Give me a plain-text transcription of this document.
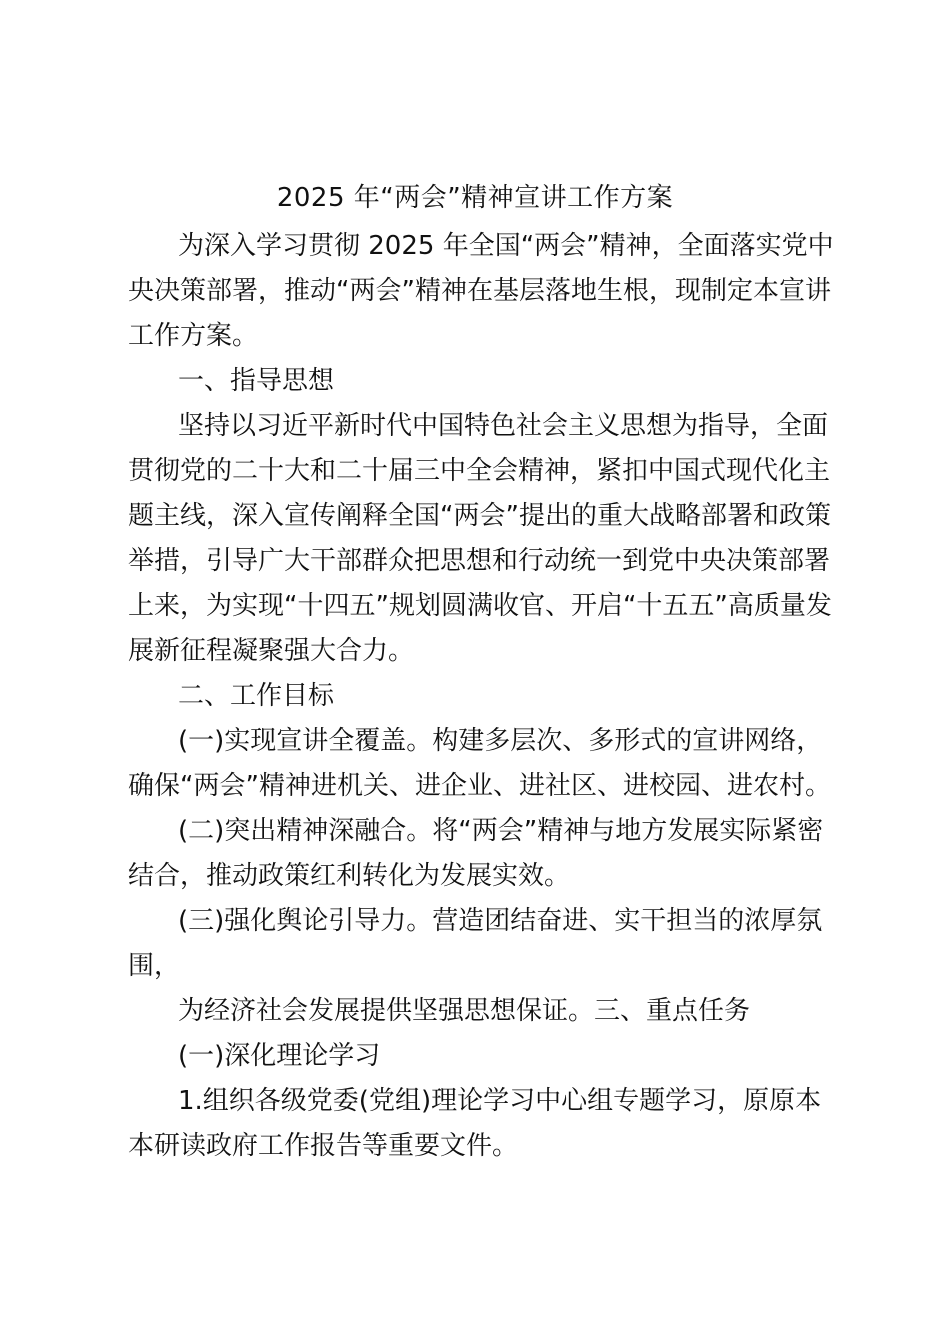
2025 年“两会”精神宣讲工作方案
为深入学习贯彻 2025 年全国“两会”精神，全面落实党中
央决策部署，推动“两会”精神在基层落地生根，现制定本宣讲
工作方案。
一、指导思想
坚持以习近平新时代中国特色社会主义思想为指导，全面
贯彻党的二十大和二十届三中全会精神，紧扣中国式现代化主
题主线，深入宣传阐释全国“两会”提出的重大战略部署和政策
举措，引导广大干部群众把思想和行动统一到党中央决策部署
上来，为实现“十四五”规划圆满收官、开启“十五五”高质量发
展新征程凝聚强大合力。
二、工作目标
(一)实现宣讲全覆盖。构建多层次、多形式的宣讲网络，
确保“两会”精神进机关、进企业、进社区、进校园、进农村。
(二)突出精神深融合。将“两会”精神与地方发展实际紧密
结合，推动政策红利转化为发展实效。
(三)强化舆论引导力。营造团结奋进、实干担当的浓厚氛
围，
为经济社会发展提供坚强思想保证。三、重点任务
(一)深化理论学习
1.组织各级党委(党组)理论学习中心组专题学习，原原本
本研读政府工作报告等重要文件。
